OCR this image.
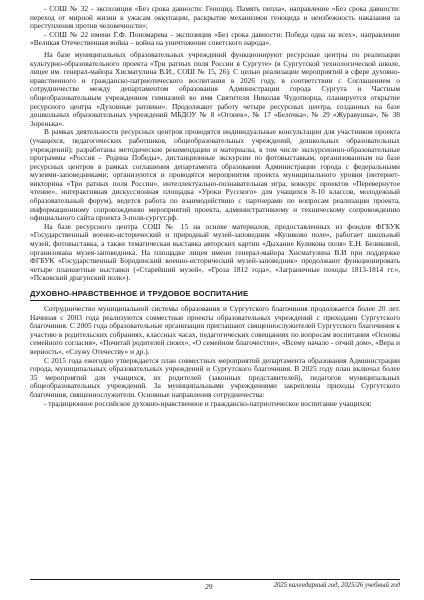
- СОШ № 32 - экспозиция «Без срока давности: Геноцид. Память пепла», направление «Без срока давности: переход от мирной жизни к ужасам оккупации, раскрытие механизмов геноцида и неизбежность наказания за преступления против человечности»;

- СОШ № 22 имени Г.Ф. Пономарева - экспозиция «Без срока давности: Победа одна на всех», направление «Великая Отечественная война – война на уничтожение советского народа».

На базе муниципальных образовательных учреждений функционируют ресурсные центры по реализации культурно-образовательного проекта «Три ратных поля России в Сургуте» (в Сургутской технологической школе, лицее им. генерал-майора Хисматулина В.И., СОШ № 15, 26). С целью реализации мероприятий в сфере духовно-нравственного и гражданско-патриотического воспитания в 2026 году, в соответствии с Соглашением о сотрудничестве между департаментом образования Администрации города Сургута и Частным общеобразовательным учреждением гимназией во имя Святителя Николая Чудотворца, планируется открытие ресурсного центра «Духовные ратники». Продолжают работу четыре ресурсных центра, созданных на базе дошкольных образовательных учреждений МБДОУ № 8 «Огонек», № 17 «Белочка», № 29 «Журавушка», № 38 Зоренька».

В рамках деятельности ресурсных центров проводятся индивидуальные консультации для участников проекта (учащихся, педагогических работников, общеобразовательных учреждений, дошкольных образовательных учреждений); разработаны методические рекомендации и материалы, в том числе экскурсионно-образовательные программы «Россия – Родина Победы», дистанционные экскурсии по фотовыставкам, организованным на базе ресурсных центров в рамках соглашения департамента образования Администрации города с федеральными музеями-заповедниками; организуются и проводятся мероприятия проекта муниципального уровня (интернет-викторина «Три ратных поля России», интеллектуально-познавательная игра, конкурс проектов «Перевернутое чтение», интерактивная дискуссионная площадка «Уроки Русского» для учащихся 8-10 классов, молодежный образовательный форум), ведется работа по взаимодействию с партнерами по вопросам реализации проекта, информационному сопровождению мероприятий проекта, административному и техническому сопровождению официального сайта проекта 3-поля-сургут.рф.

На базе ресурсного центра СОШ № 15 на основе материалов, предоставленных из фондов ФГБУК «Государственный военно-исторический и природный музей-заповедник «Куликово поле», работает школьный музей, фотовыставка, а также тематическая выставка авторских картин «Дыхание Куликова поля» Е.Н. Беликовой, организована музея-заповедника. На площадке лицея имени генерал-майора Хисматулина В.И при поддержке ФГБУК «Государственный Бородинский военно-исторический музей-заповедник» продолжают функционировать четыре планшетные выставки («Старейший музей», «Гроза 1812 года», «Заграничные походы 1813-1814 гг.», «Псковский драгунский полк»).

ДУХОВНО-НРАВСТВЕННОЕ И ТРУДОВОЕ ВОСПИТАНИЕ

Сотрудничество муниципальной системы образования и Сургутского благочиния продолжается более 20 лет. Начиная с 2003 года реализуются совместные проекты образовательных учреждений с приходами Сургутского благочиния. С 2005 года образовательные организации приглашают священнослужителей Сургутского благочиния к участию в родительских собраниях, классных часах, педагогических совещаниях по вопросам воспитания «Основы семейного согласия», «Почитай родителей своих», «О семейном благочестии», «Всему начало - отчий дом», «Вера и верность», «Служу Отечеству» и др.).

С 2015 года ежегодно утверждается план совместных мероприятий департамента образования Администрации города, муниципальных образовательных учреждений и Сургутского благочиния. В 2025 году план включал более 35 мероприятий для учащихся, их родителей (законных представителей), педагогов муниципальных общеобразовательных учреждений. За муниципальными учреждениями закреплены приходы Сургутского благочиния, священнослужители. Основные направления сотрудничества:

- традиционное российское духовно-нравственное и гражданско-патриотическое воспитание учащихся;

29	2025 календарный год, 2025/26 учебный год
